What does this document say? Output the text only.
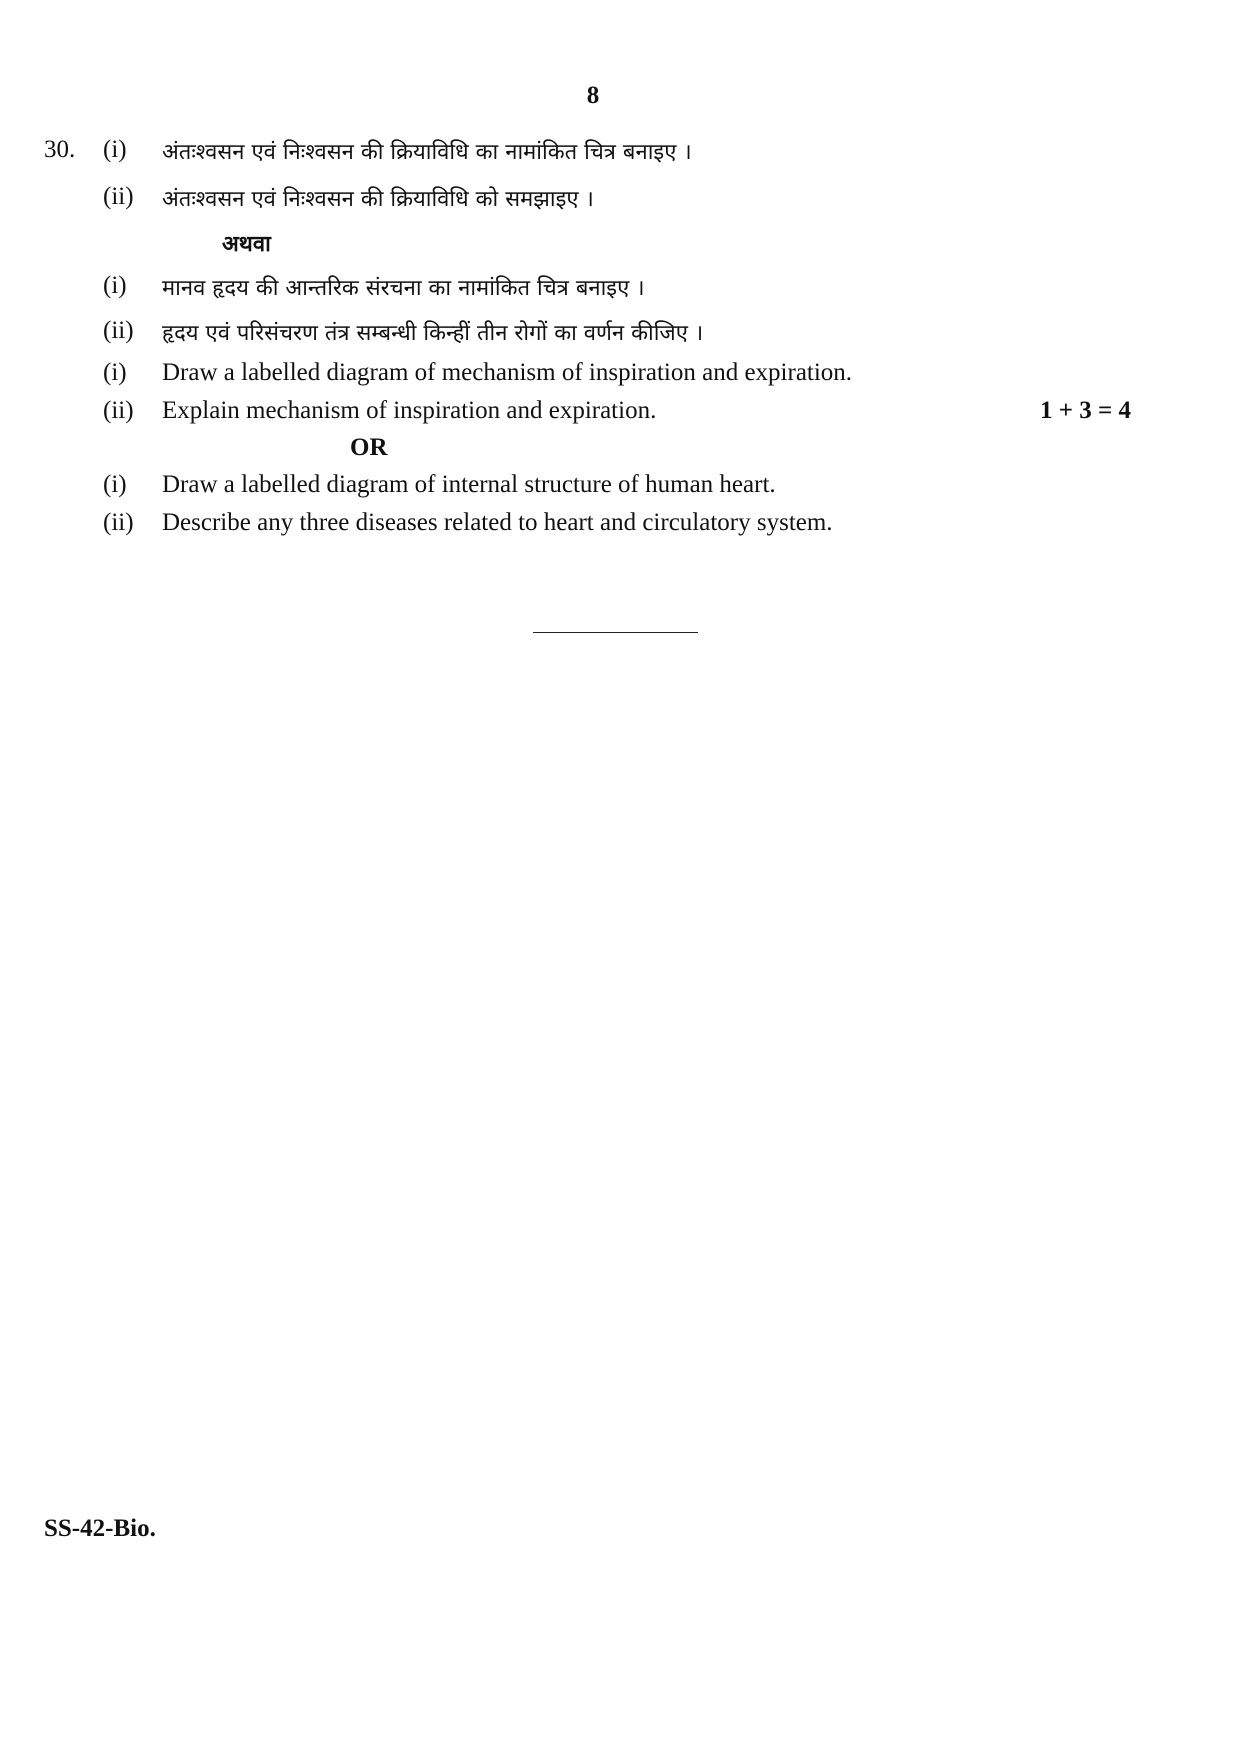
8
30. (i) अंतःश्वसन एवं निःश्वसन की क्रियाविधि का नामांकित चित्र बनाइए ।
(ii) अंतःश्वसन एवं निःश्वसन की क्रियाविधि को समझाइए ।
अथवा
(i) मानव हृदय की आन्तरिक संरचना का नामांकित चित्र बनाइए ।
(ii) हृदय एवं परिसंचरण तंत्र सम्बन्धी किन्हीं तीन रोगों का वर्णन कीजिए ।
(i) Draw a labelled diagram of mechanism of inspiration and expiration.
(ii) Explain mechanism of inspiration and expiration.	1 + 3 = 4
OR
(i) Draw a labelled diagram of internal structure of human heart.
(ii) Describe any three diseases related to heart and circulatory system.
SS-42-Bio.
